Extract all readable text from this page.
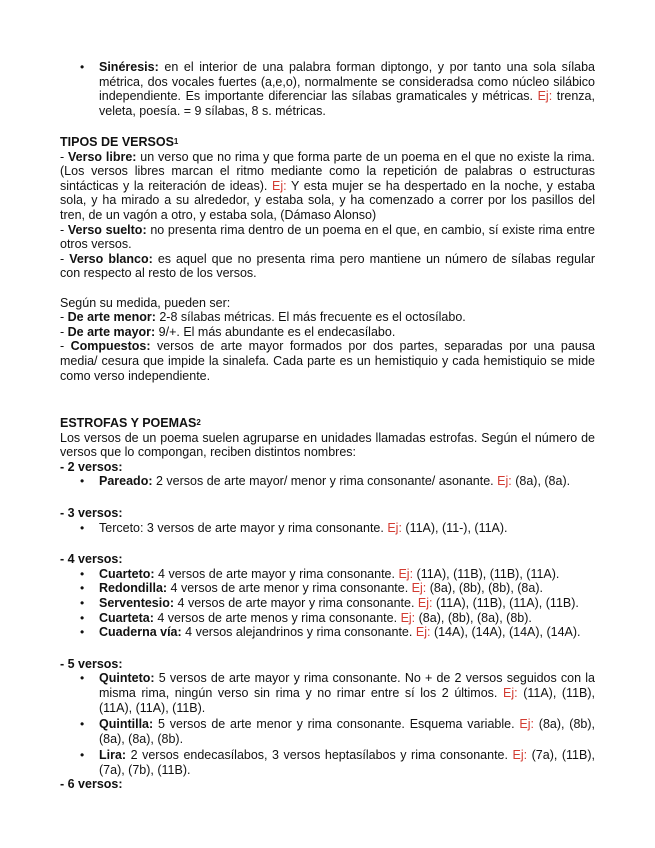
• Sinéresis: en el interior de una palabra forman diptongo, y por tanto una sola sílaba métrica, dos vocales fuertes (a,e,o), normalmente se consideradsa como núcleo silábico independiente. Es importante diferenciar las sílabas gramaticales y métricas. Ej: trenza, veleta, poesía. = 9 sílabas, 8 s. métricas.
TIPOS DE VERSOS$^1$

- Verso libre: un verso que no rima y que forma parte de un poema en el que no existe la rima. (Los versos libres marcan el ritmo mediante como la repetición de palabras o estructuras sintácticas y la reiteración de ideas). Ej: Y esta mujer se ha despertado en la noche, y estaba sola, y ha mirado a su alrededor, y estaba sola, y ha comenzado a correr por los pasillos del tren, de un vagón a otro, y estaba sola, (Dámaso Alonso)

- Verso suelto: no presenta rima dentro de un poema en el que, en cambio, sí existe rima entre otros versos.

- Verso blanco: es aquel que no presenta rima pero mantiene un número de sílabas regular con respecto al resto de los versos.

Según su medida, pueden ser:

- De arte menor: 2-8 sílabas métricas. El más frecuente es el octosílabo.

- De arte mayor: 9/+. El más abundante es el endecasílabo.

- Compuestos: versos de arte mayor formados por dos partes, separadas por una pausa media/ cesura que impide la sinalefa. Cada parte es un hemistiquio y cada hemistiquio se mide como verso independiente.

ESTROFAS Y POEMAS$^2$

Los versos de un poema suelen agruparse en unidades llamadas estrofas. Según el número de versos que lo compongan, reciben distintos nombres:

- 2 versos:

• Pareado: 2 versos de arte mayor/ menor y rima consonante/ asonante. Ej: (8a), (8a).

- 3 versos:

• Terceto: 3 versos de arte mayor y rima consonante. Ej: (11A), (11-), (11A).

- 4 versos:

• Cuarteto: 4 versos de arte mayor y rima consonante. Ej: (11A), (11B), (11B), (11A).
• Redondilla: 4 versos de arte menor y rima consonante. Ej: (8a), (8b), (8b), (8a).
• Serventesio: 4 versos de arte mayor y rima consonante. Ej: (11A), (11B), (11A), (11B).
• Cuarteta: 4 versos de arte menos y rima consonante. Ej: (8a), (8b), (8a), (8b).
• Cuaderna vía: 4 versos alejandrinos y rima consonante. Ej: (14A), (14A), (14A), (14A).

- 5 versos:

• Quinteto: 5 versos de arte mayor y rima consonante. No + de 2 versos seguidos con la misma rima, ningún verso sin rima y no rimar entre sí los 2 últimos. Ej: (11A), (11B), (11A), (11A), (11B).
• Quintilla: 5 versos de arte menor y rima consonante. Esquema variable. Ej: (8a), (8b), (8a), (8a), (8b).
• Lira: 2 versos endecasílabos, 3 versos heptasílabos y rima consonante. Ej: (7a), (11B), (7a), (7b), (11B).

- 6 versos:
